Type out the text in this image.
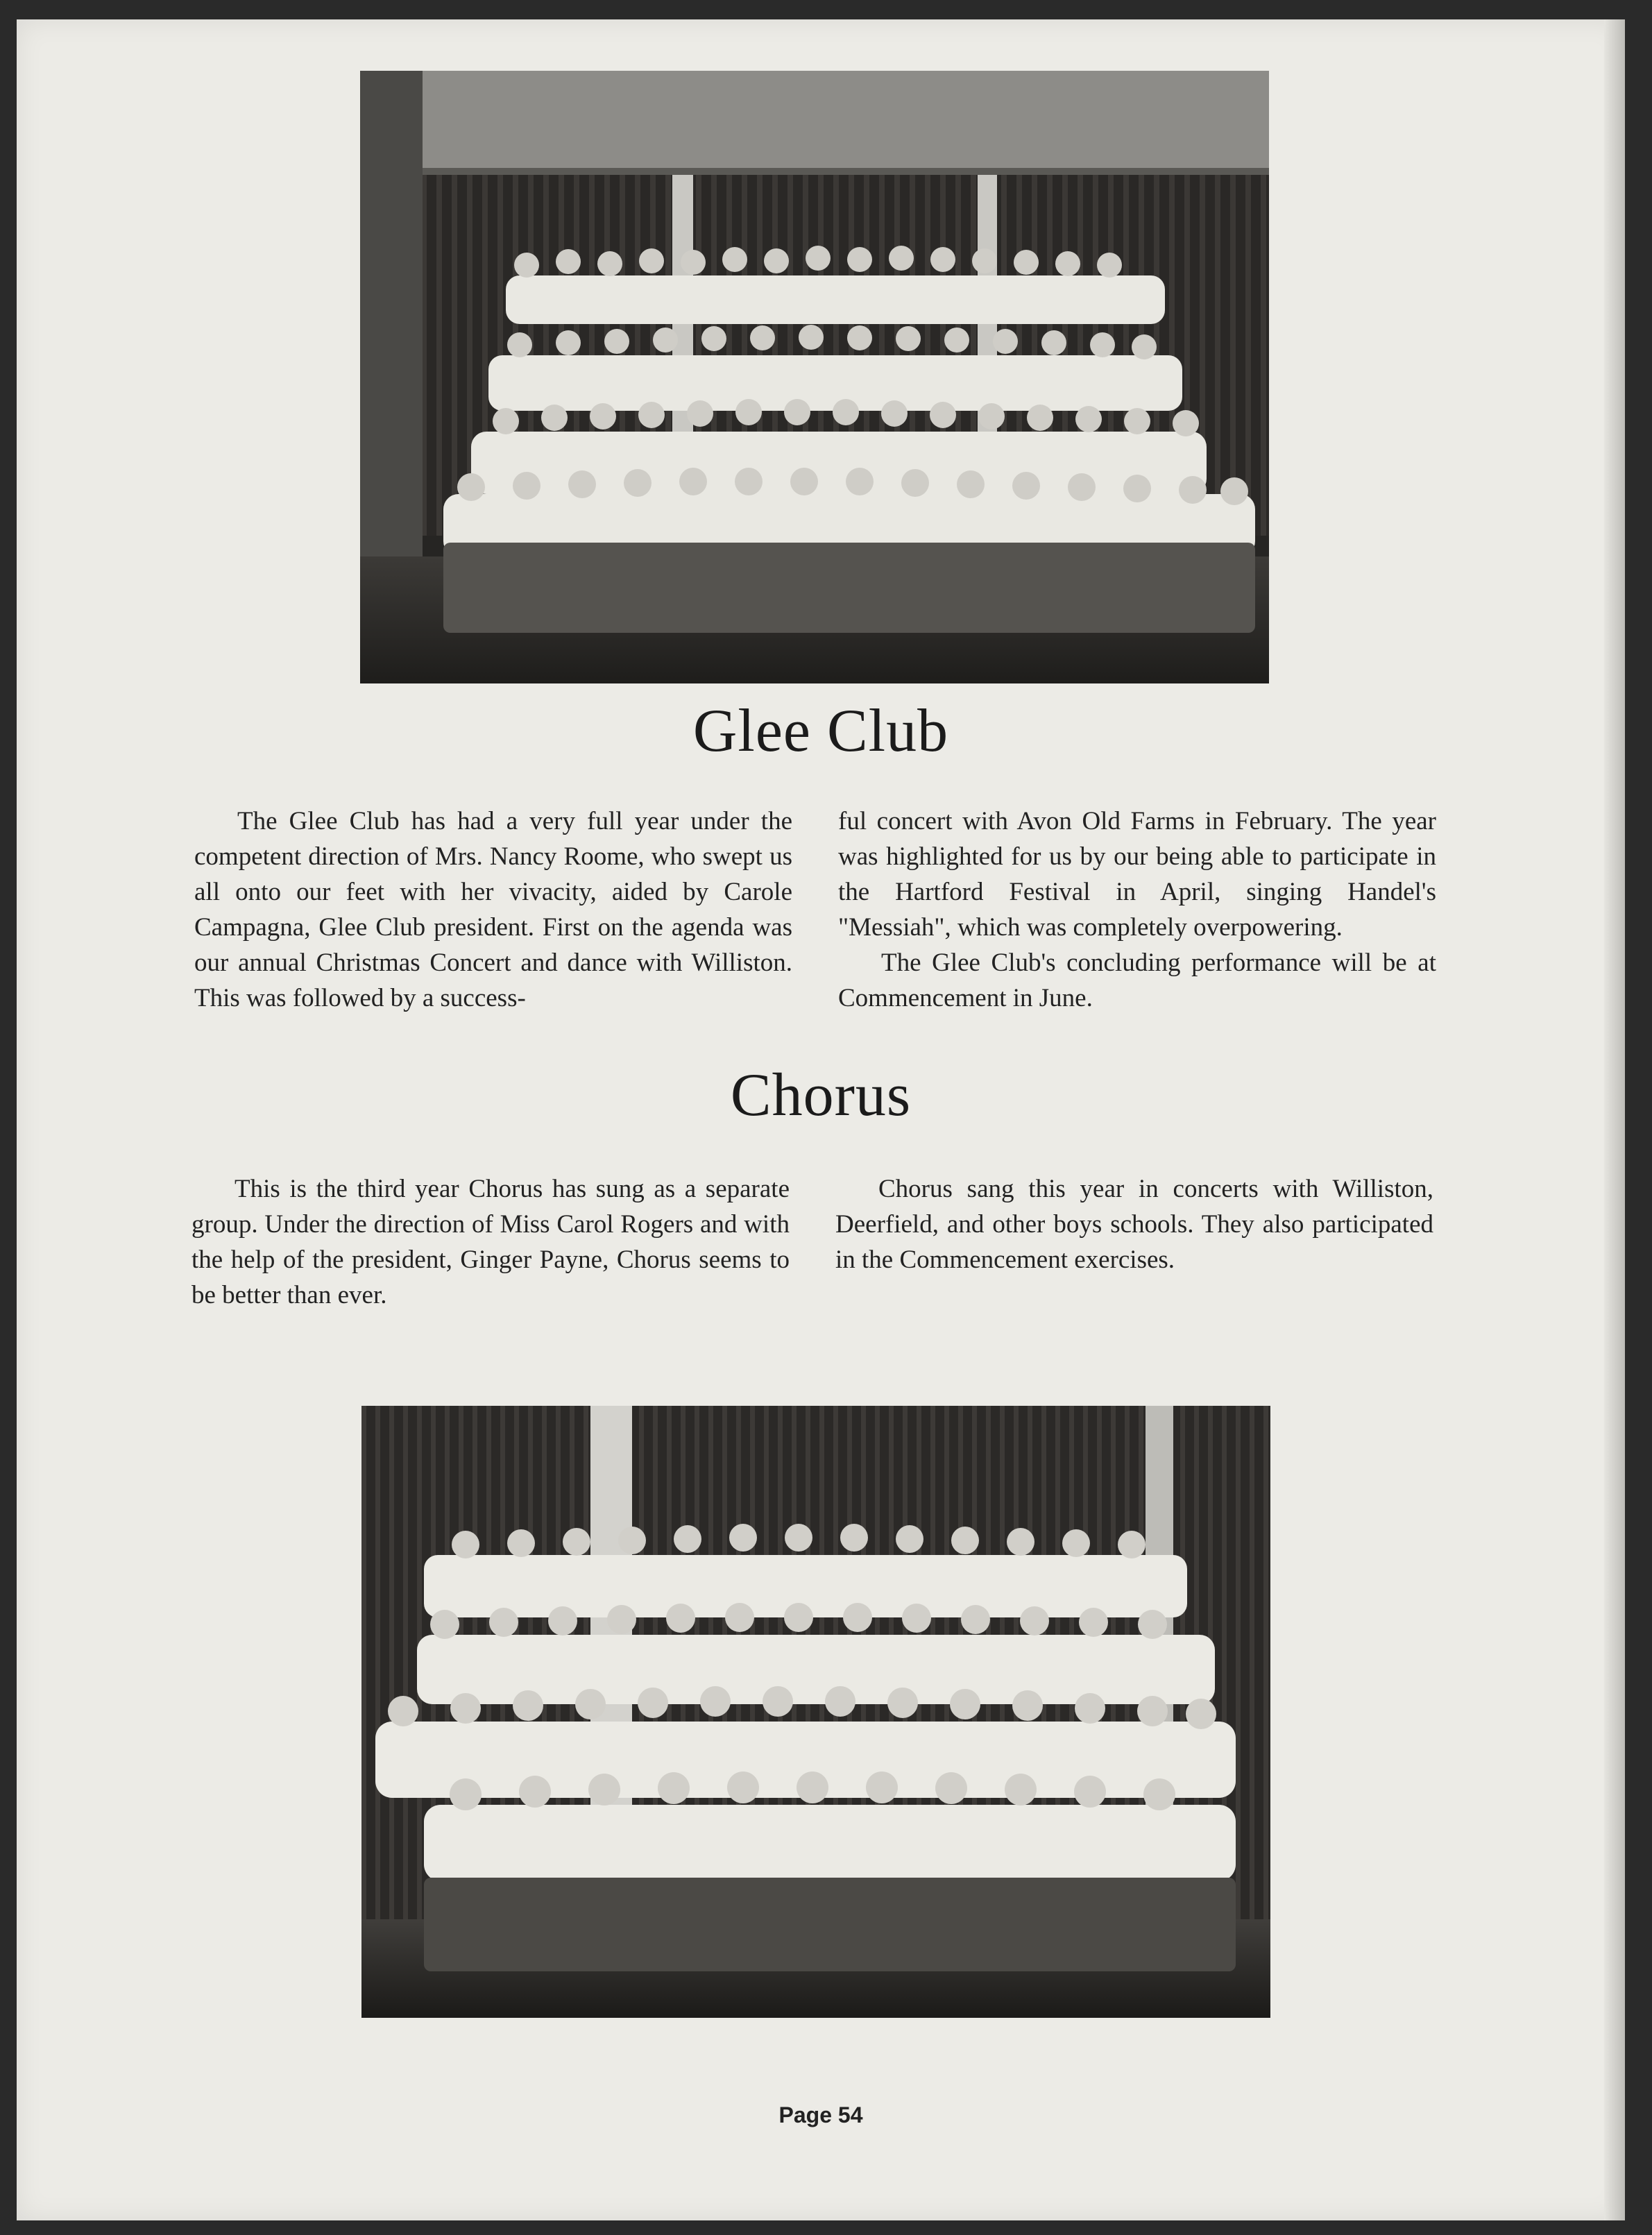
Glee Club

The Glee Club has had a very full year under the competent direction of Mrs. Nancy Roome, who swept us all onto our feet with her vivacity, aided by Carole Campagna, Glee Club president. First on the agenda was our annual Christmas Concert and dance with Williston. This was followed by a success-

ful concert with Avon Old Farms in February. The year was highlighted for us by our being able to participate in the Hartford Festival in April, singing Handel's "Messiah", which was completely overpowering.

The Glee Club's concluding performance will be at Commencement in June.

Chorus

This is the third year Chorus has sung as a separate group. Under the direction of Miss Carol Rogers and with the help of the president, Ginger Payne, Chorus seems to be better than ever.

Chorus sang this year in concerts with Williston, Deerfield, and other boys schools. They also participated in the Commencement exercises.

Page 54
